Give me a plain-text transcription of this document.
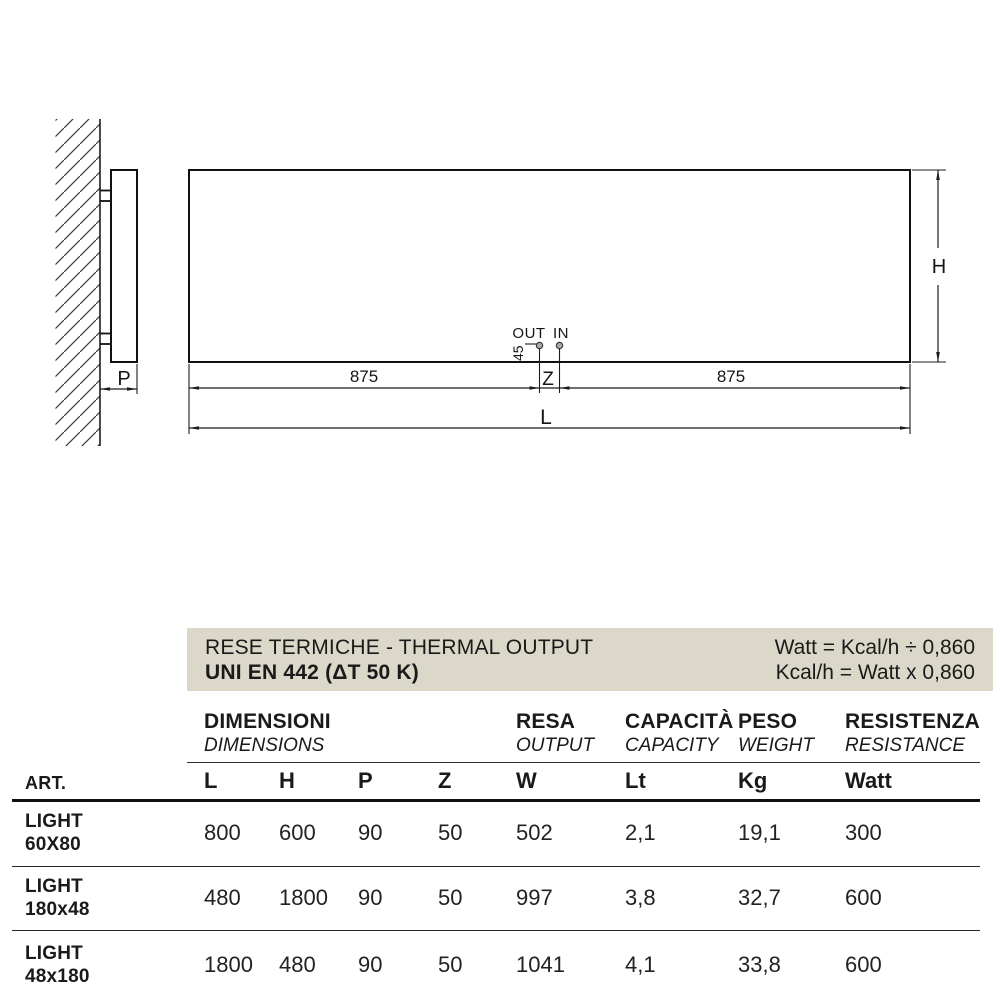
P
OUT IN
45
875	875
Z
L
H
RESE TERMICHE - THERMAL OUTPUT
UNI EN 442 (ΔT 50 K)
Watt = Kcal/h ÷ 0,860
Kcal/h = Watt x 0,860
DIMENSIONI
DIMENSIONS
RESA
OUTPUT
CAPACITÀ
CAPACITY
PESO
WEIGHT
RESISTENZA
RESISTANCE
ART.	L	H	P	Z	W	Lt	Kg	Watt
LIGHT
60X80	800	600	90	50	502	2,1	19,1	300
LIGHT
180x48	480	1800	90	50	997	3,8	32,7	600
LIGHT
48x180	1800	480	90	50	1041	4,1	33,8	600
